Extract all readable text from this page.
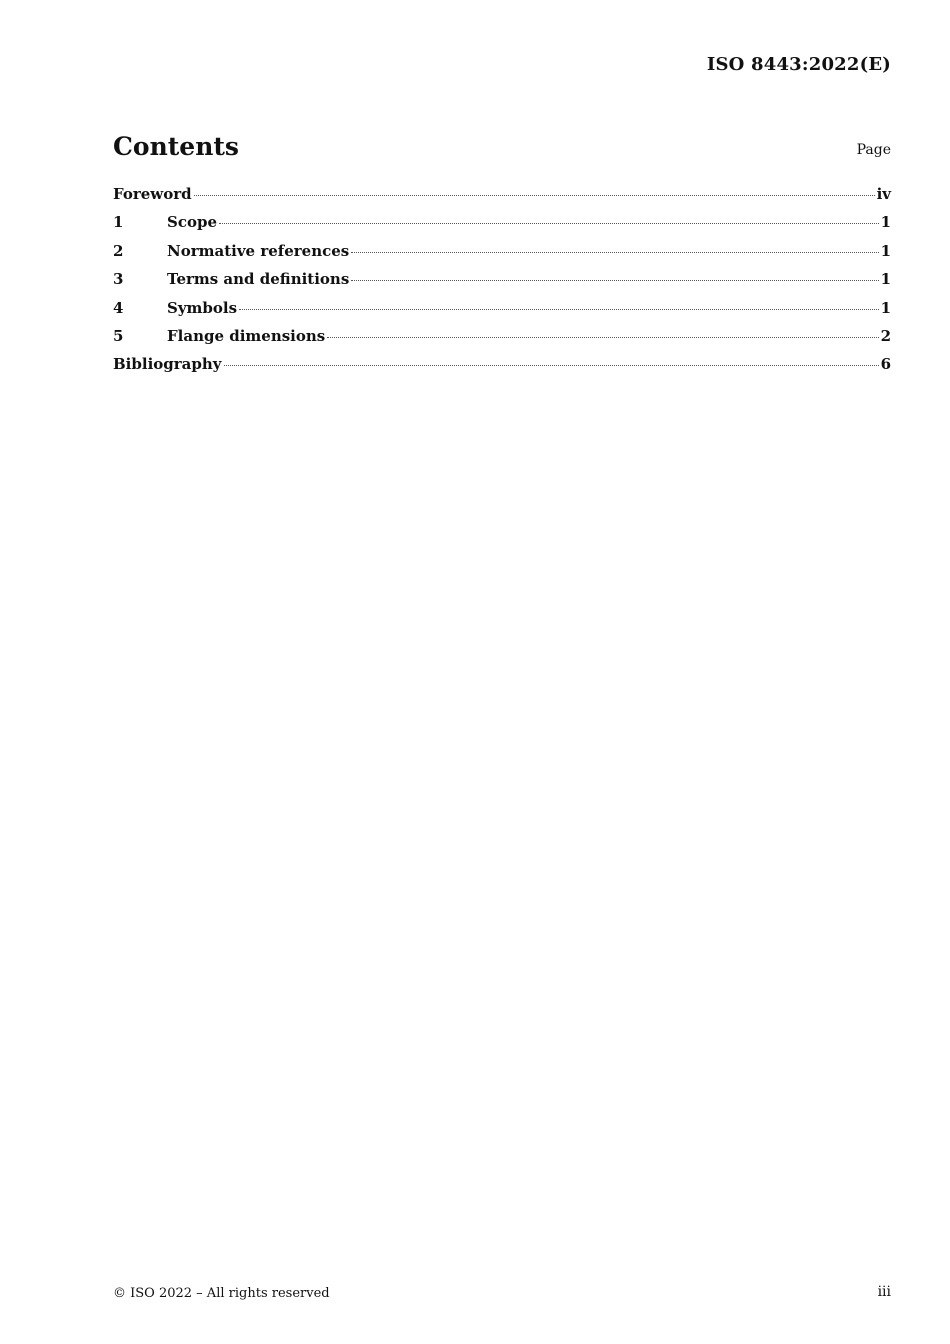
ISO 8443:2022(E)
Contents	Page
Foreword	iv
1	Scope	1
2	Normative references	1
3	Terms and definitions	1
4	Symbols	1
5	Flange dimensions	2
Bibliography	6
© ISO 2022 – All rights reserved	iii
